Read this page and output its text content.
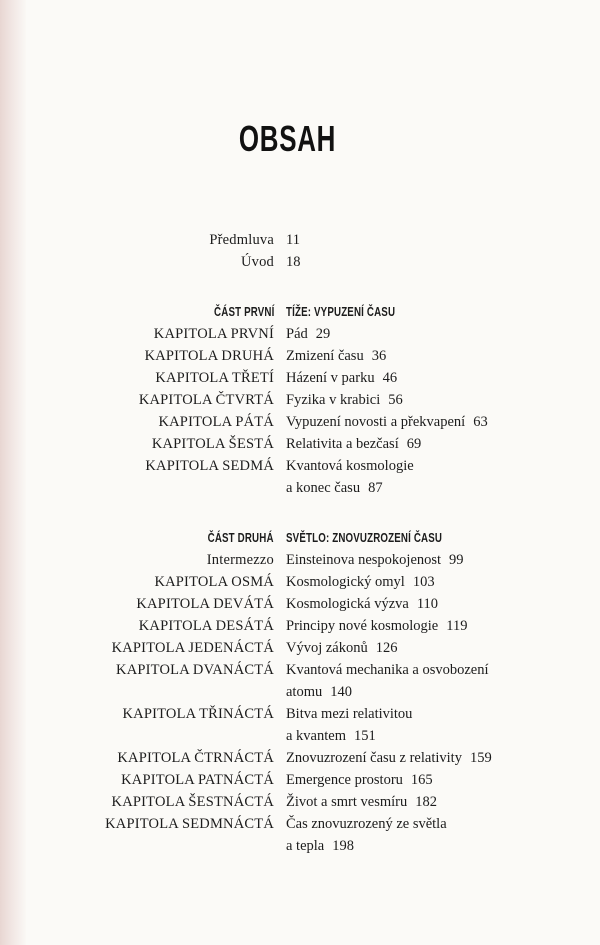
OBSAH
Předmluva 11
Úvod 18
ČÁST PRVNÍ TÍŽE: VYPUZENÍ ČASU
KAPITOLA PRVNÍ Pád 29
KAPITOLA DRUHÁ Zmizení času 36
KAPITOLA TŘETÍ Házení v parku 46
KAPITOLA ČTVRTÁ Fyzika v krabici 56
KAPITOLA PÁTÁ Vypuzení novosti a překvapení 63
KAPITOLA ŠESTÁ Relativita a bezčasí 69
KAPITOLA SEDMÁ Kvantová kosmologie
a konec času 87
ČÁST DRUHÁ SVĚTLO: ZNOVUZROZENÍ ČASU
Intermezzo Einsteinova nespokojenost 99
KAPITOLA OSMÁ Kosmologický omyl 103
KAPITOLA DEVÁTÁ Kosmologická výzva 110
KAPITOLA DESÁTÁ Principy nové kosmologie 119
KAPITOLA JEDENÁCTÁ Vývoj zákonů 126
KAPITOLA DVANÁCTÁ Kvantová mechanika a osvobození
atomu 140
KAPITOLA TŘINÁCTÁ Bitva mezi relativitou
a kvantem 151
KAPITOLA ČTRNÁCTÁ Znovuzrození času z relativity 159
KAPITOLA PATNÁCTÁ Emergence prostoru 165
KAPITOLA ŠESTNÁCTÁ Život a smrt vesmíru 182
KAPITOLA SEDMNÁCTÁ Čas znovuzrozený ze světla
a tepla 198
